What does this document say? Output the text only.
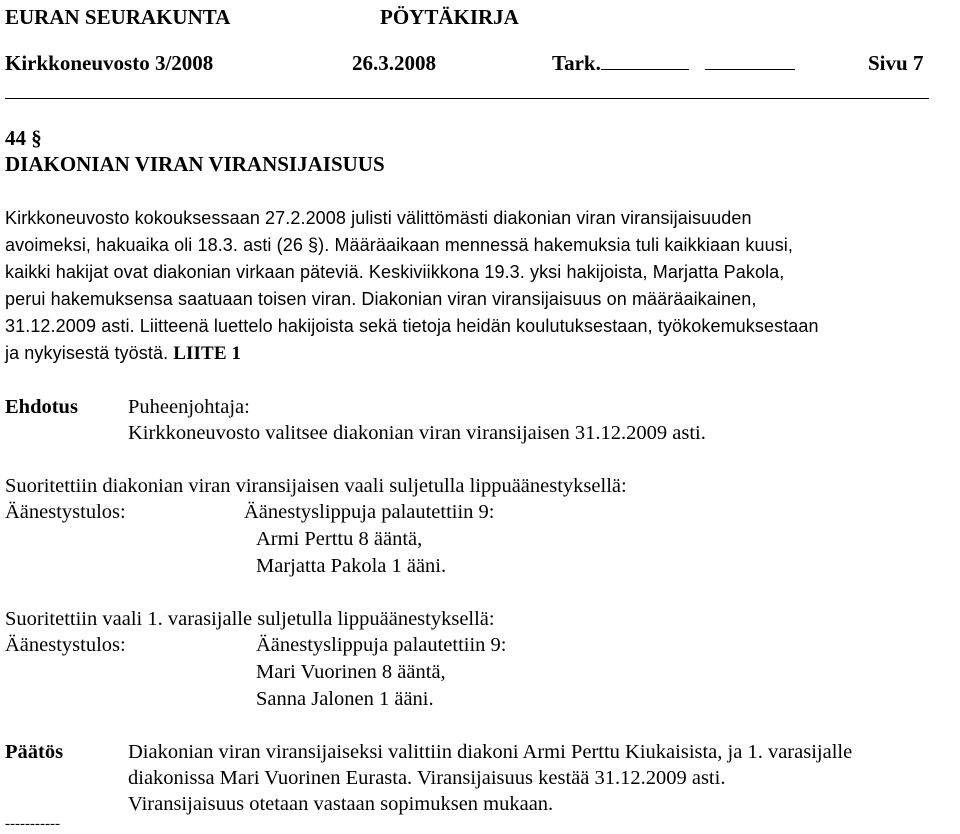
EURAN SEURAKUNTA	PÖYTÄKIRJA
Kirkkoneuvosto 3/2008	26.3.2008	Tark.	Sivu 7
44 §
DIAKONIAN VIRAN VIRANSIJAISUUS
Kirkkoneuvosto kokouksessaan 27.2.2008 julisti välittömästi diakonian viran viransijaisuuden
avoimeksi, hakuaika oli 18.3. asti (26 §). Määräaikaan mennessä hakemuksia tuli kaikkiaan kuusi,
kaikki hakijat ovat diakonian virkaan päteviä. Keskiviikkona 19.3. yksi hakijoista, Marjatta Pakola,
perui hakemuksensa saatuaan toisen viran. Diakonian viran viransijaisuus on määräaikainen,
31.12.2009 asti. Liitteenä luettelo hakijoista sekä tietoja heidän koulutuksestaan, työkokemuksestaan
ja nykyisestä työstä. LIITE 1
Ehdotus Puheenjohtaja:
Kirkkoneuvosto valitsee diakonian viran viransijaisen 31.12.2009 asti.
Suoritettiin diakonian viran viransijaisen vaali suljetulla lippuäänestyksellä:
Äänestystulos:	Äänestyslippuja palautettiin 9:
Armi Perttu 8 ääntä,
Marjatta Pakola 1 ääni.
Suoritettiin vaali 1. varasijalle suljetulla lippuäänestyksellä:
Äänestystulos:	Äänestyslippuja palautettiin 9:
Mari Vuorinen 8 ääntä,
Sanna Jalonen 1 ääni.
Päätös	Diakonian viran viransijaiseksi valittiin diakoni Armi Perttu Kiukaisista, ja 1. varasijalle
diakonissa Mari Vuorinen Eurasta. Viransijaisuus kestää 31.12.2009 asti.
Viransijaisuus otetaan vastaan sopimuksen mukaan.
-----------
